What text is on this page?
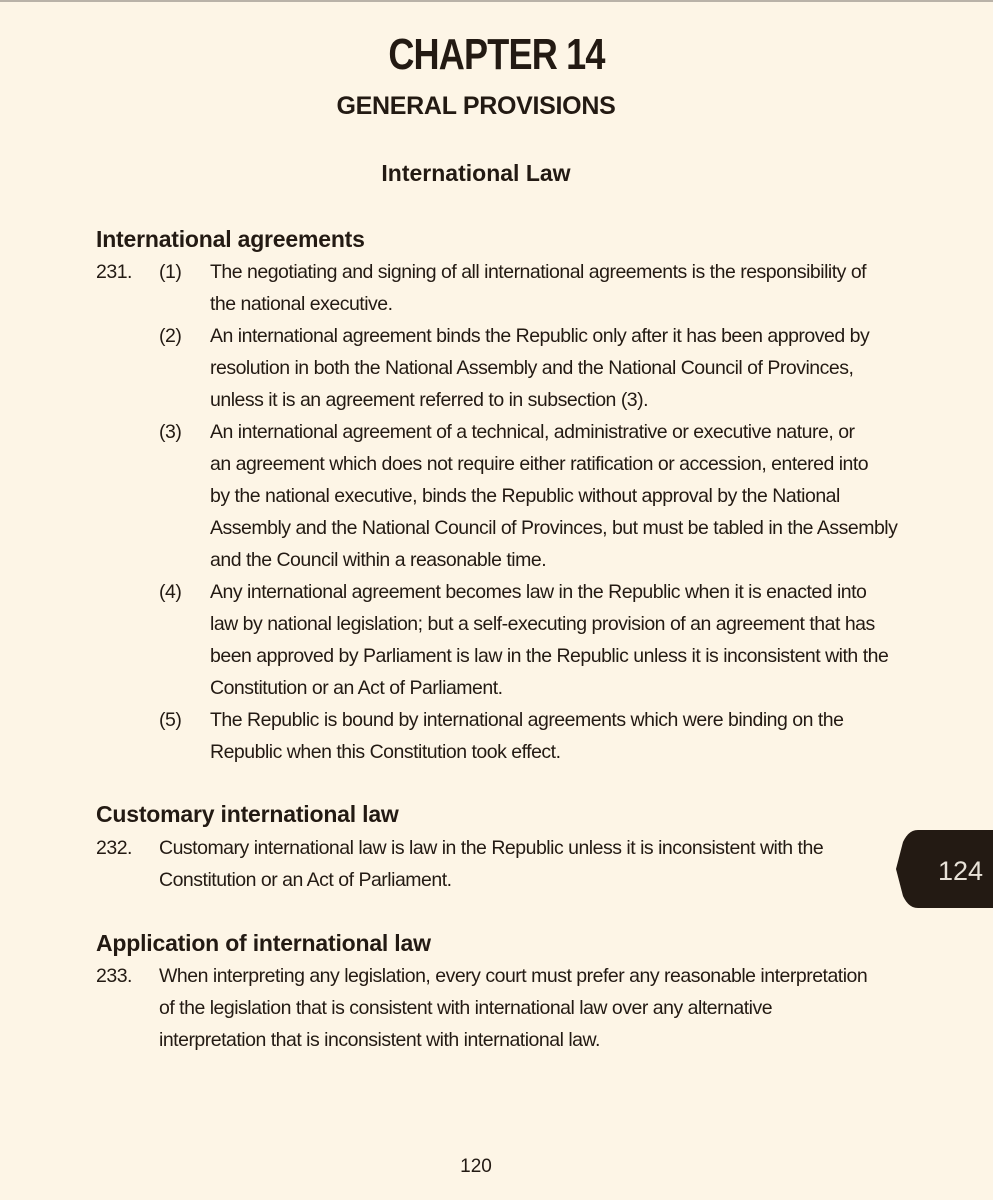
CHAPTER 14
GENERAL PROVISIONS
International Law
International agreements
231. (1) The negotiating and signing of all international agreements is the responsibility of
the national executive.
(2) An international agreement binds the Republic only after it has been approved by
resolution in both the National Assembly and the National Council of Provinces,
unless it is an agreement referred to in subsection (3).
(3) An international agreement of a technical, administrative or executive nature, or
an agreement which does not require either ratification or accession, entered into
by the national executive, binds the Republic without approval by the National
Assembly and the National Council of Provinces, but must be tabled in the Assembly
and the Council within a reasonable time.
(4) Any international agreement becomes law in the Republic when it is enacted into
law by national legislation; but a self-executing provision of an agreement that has
been approved by Parliament is law in the Republic unless it is inconsistent with the
Constitution or an Act of Parliament.
(5) The Republic is bound by international agreements which were binding on the
Republic when this Constitution took effect.
Customary international law
232. Customary international law is law in the Republic unless it is inconsistent with the
Constitution or an Act of Parliament.
Application of international law
233. When interpreting any legislation, every court must prefer any reasonable interpretation
of the legislation that is consistent with international law over any alternative
interpretation that is inconsistent with international law.
124
120
